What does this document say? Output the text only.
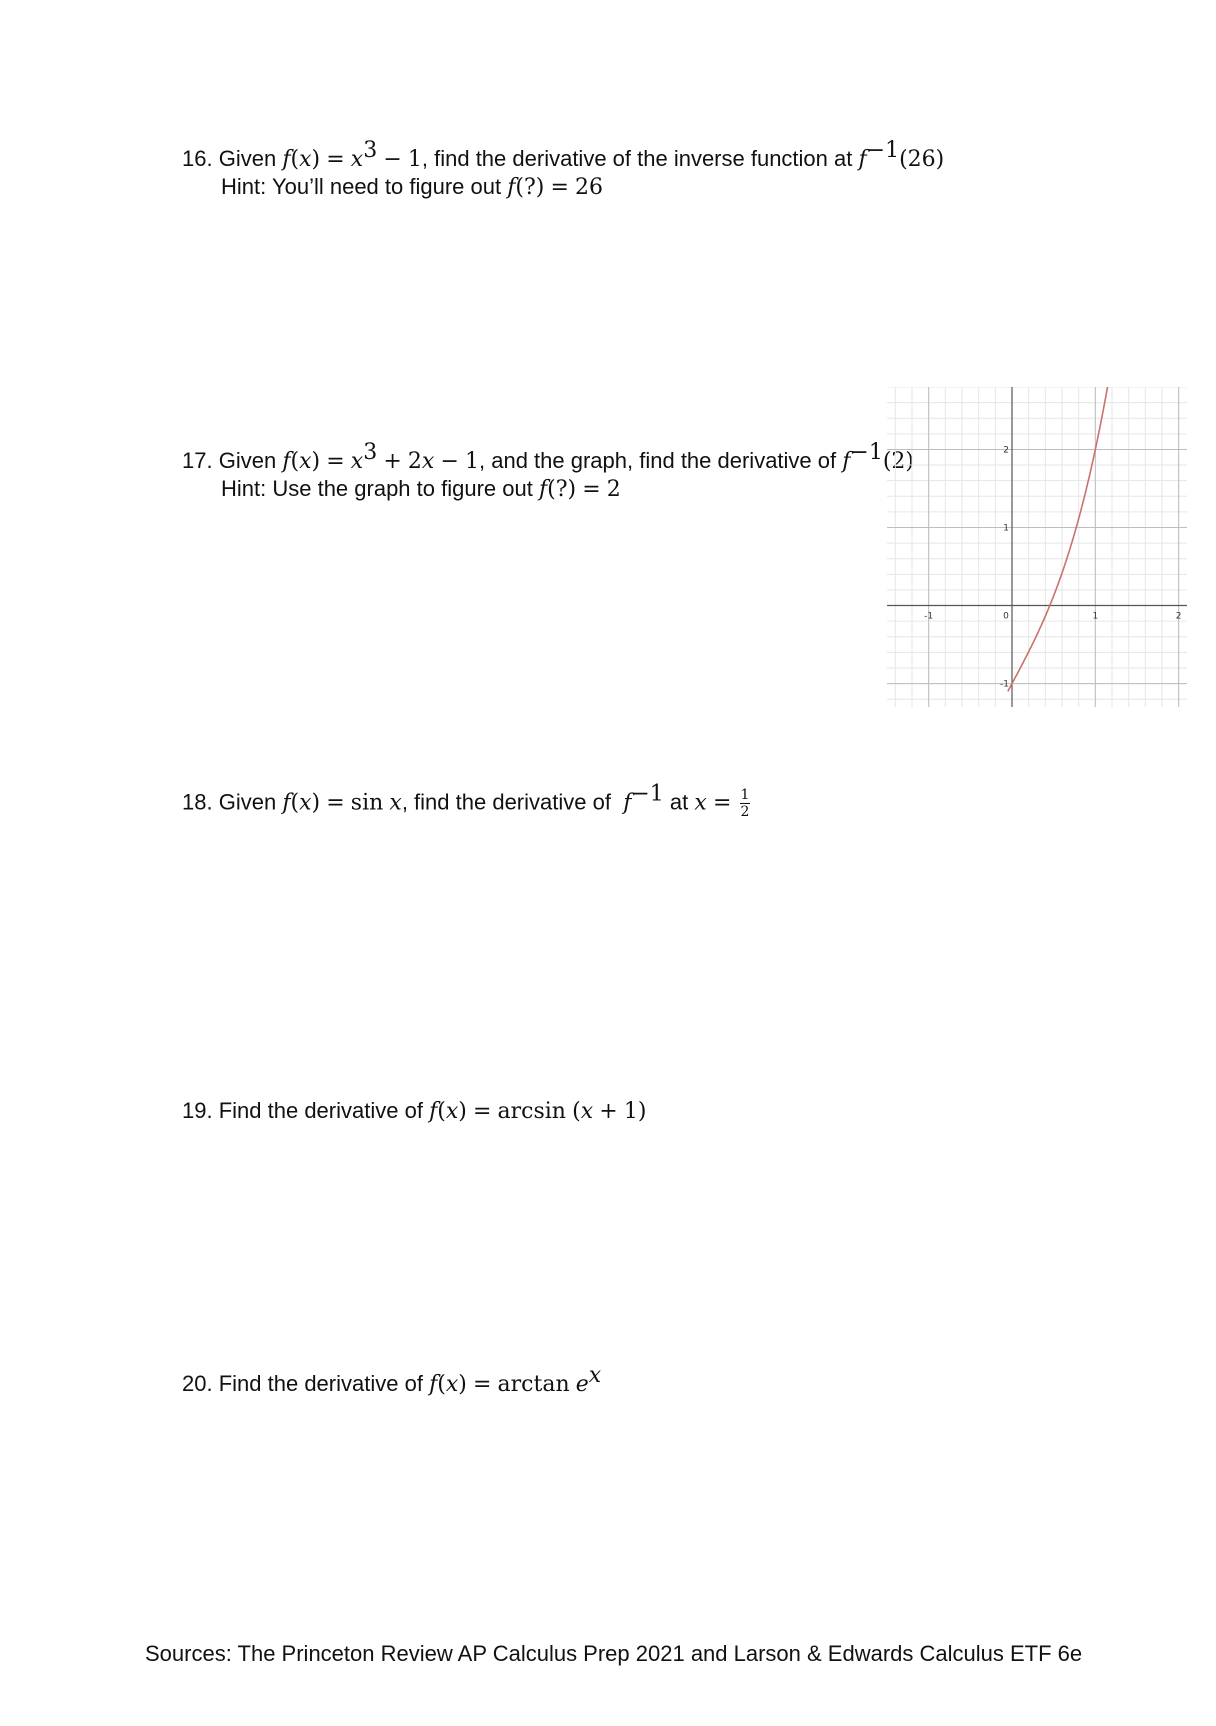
16. Given $f(x) = x^3 - 1$, find the derivative of the inverse function at $f^{-1}(26)$
Hint: You’ll need to figure out f(?) = 26
17. Given $f(x) = x^3 + 2x - 1$, and the graph, find the derivative of $f^{-1}(2)$
Hint: Use the graph to figure out f(?) = 2
-1	0	1	2
2
1
-1
18. Given f(x) = sin x, find the derivative of $f^{-1}$ at $x = \frac{1}{2}$
19. Find the derivative of f(x) = arcsin (x + 1)
20. Find the derivative of $f(x) = \arctan e^x$
Sources: The Princeton Review AP Calculus Prep 2021 and Larson & Edwards Calculus ETF 6e
